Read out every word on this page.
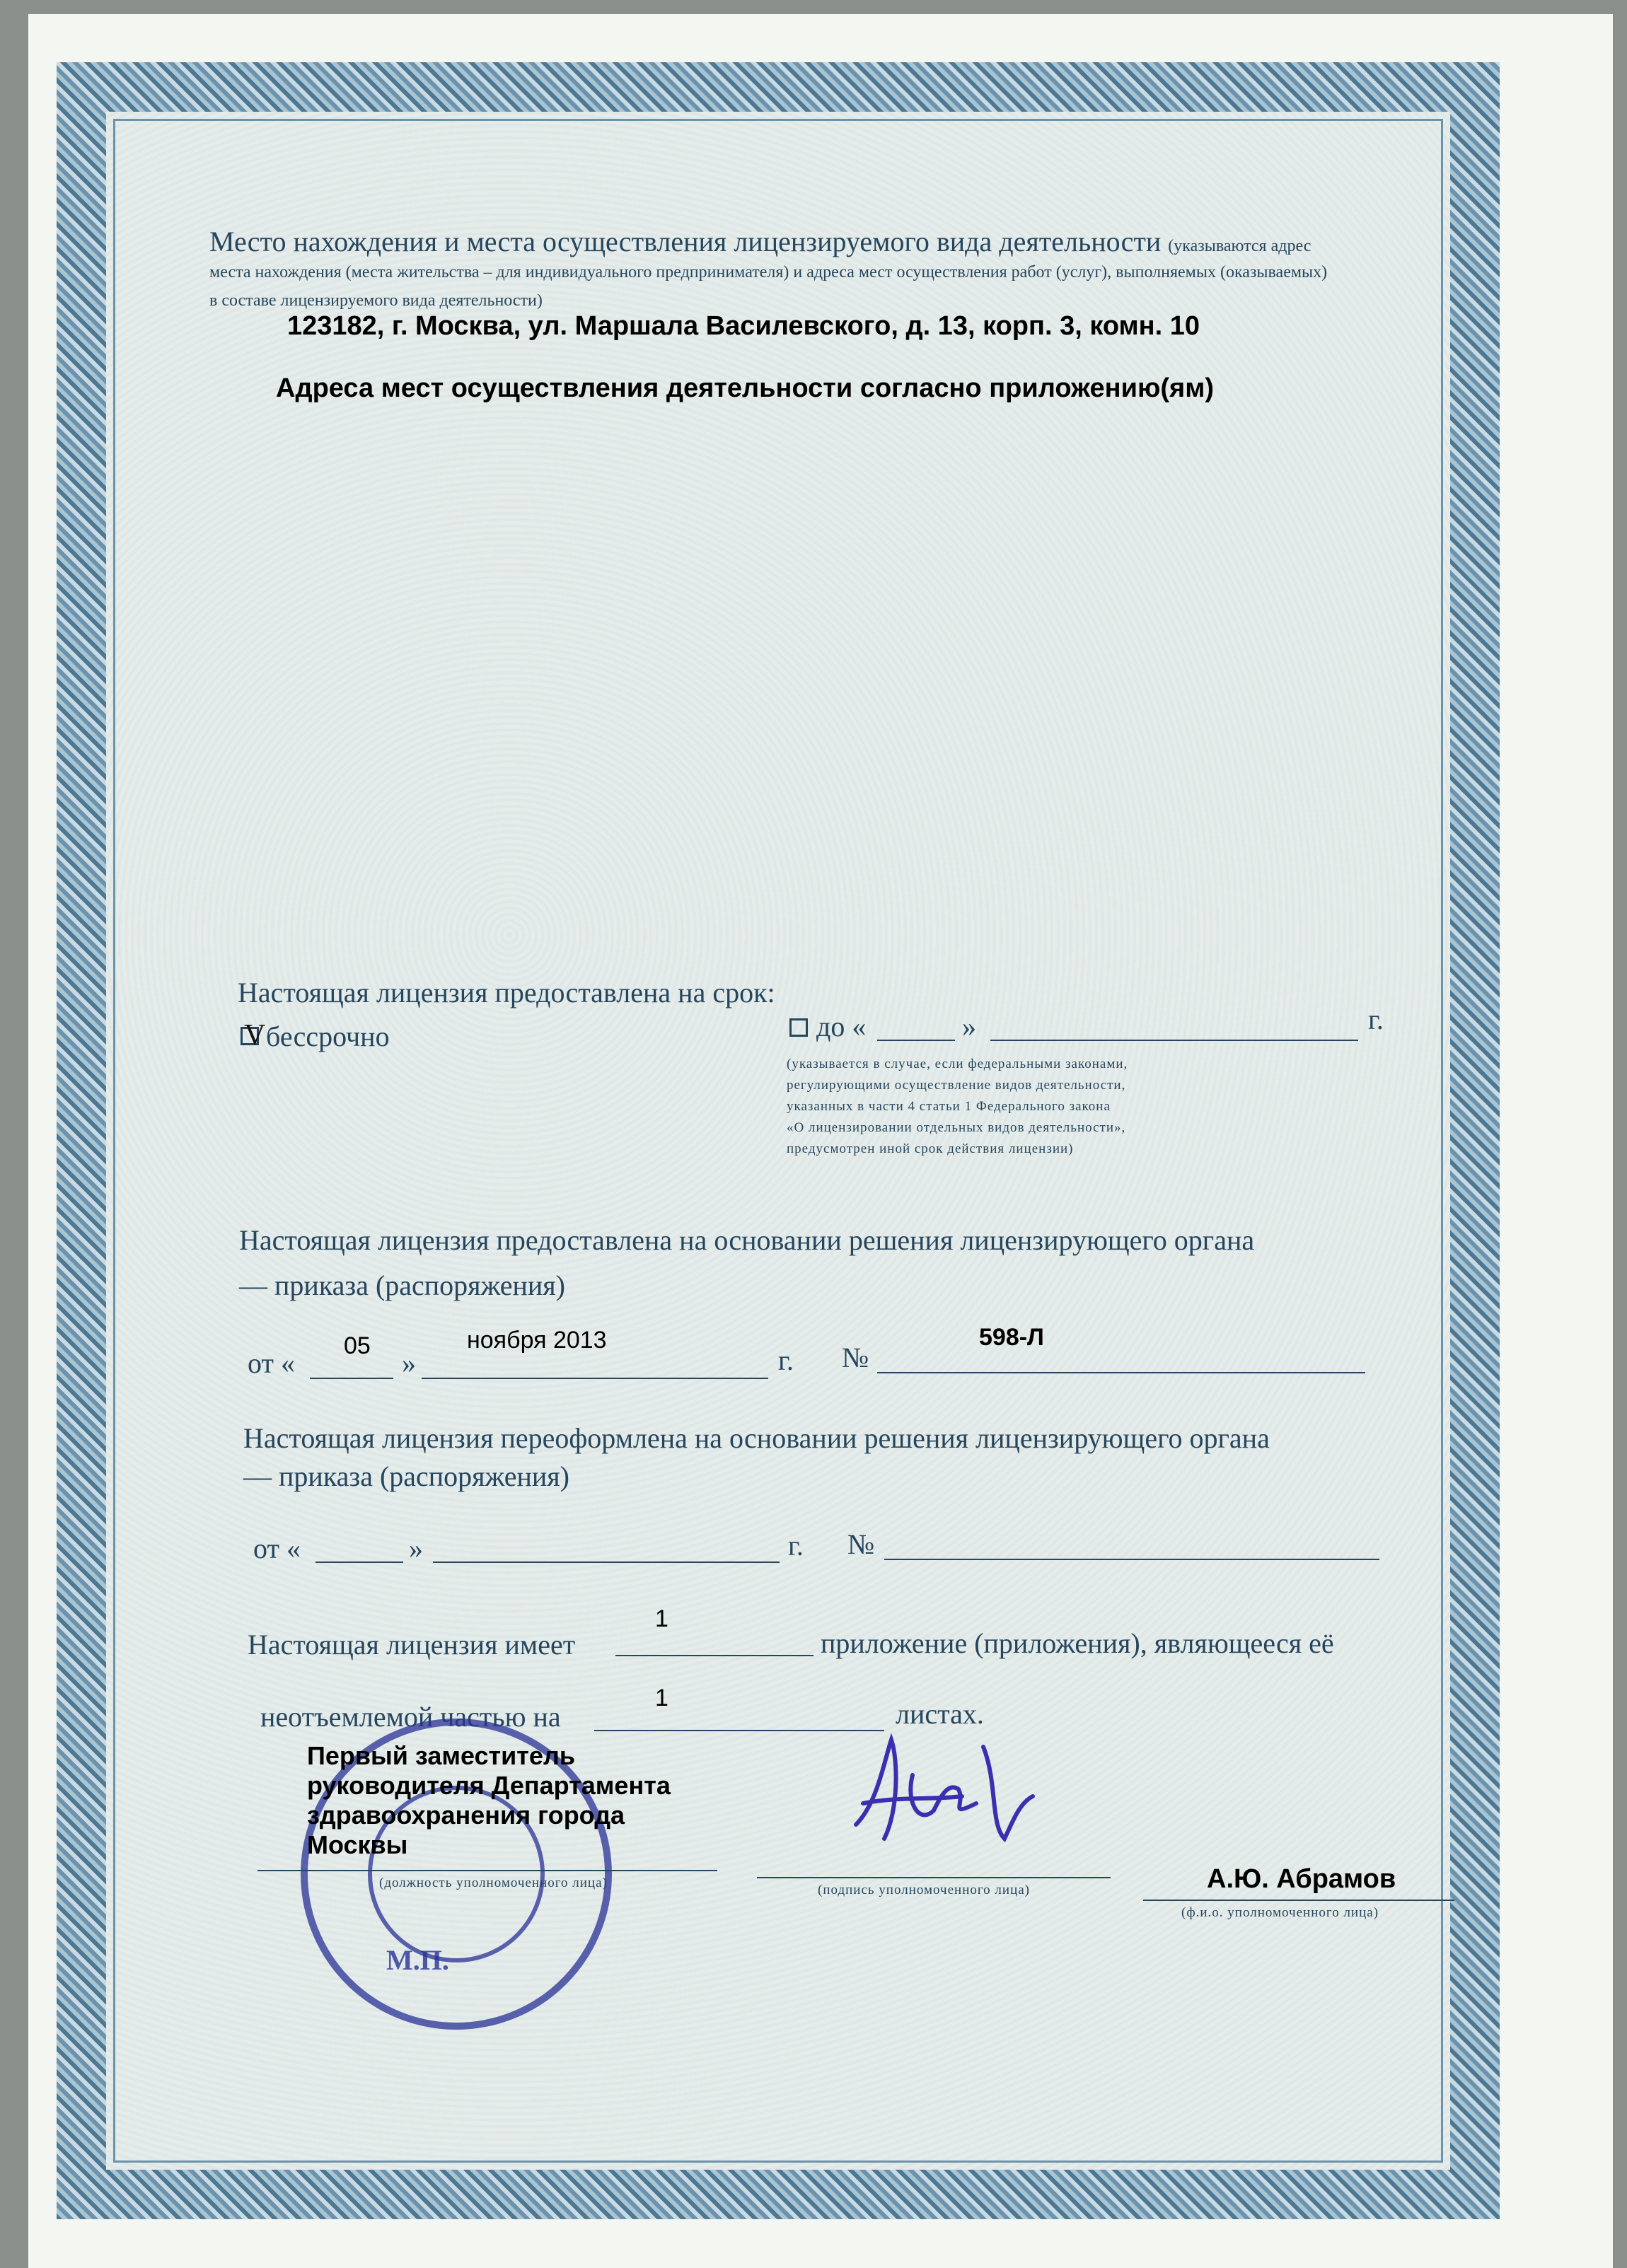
Место нахождения и места осуществления лицензируемого вида деятельности (указываются адрес
места нахождения (места жительства – для индивидуального предпринимателя) и адреса мест осуществления работ (услуг), выполняемых (оказываемых)
в составе лицензируемого вида деятельности)
123182, г. Москва, ул. Маршала Василевского, д. 13, корп. 3, комн. 10
Адреса мест осуществления деятельности согласно приложению(ям)
Настоящая лицензия предоставлена на срок:
V бессрочно	до «	»	г.
(указывается в случае, если федеральными законами,
регулирующими осуществление видов деятельности,
указанных в части 4 статьи 1 Федерального закона
«О лицензировании отдельных видов деятельности»,
предусмотрен иной срок действия лицензии)
Настоящая лицензия предоставлена на основании решения лицензирующего органа
— приказа (распоряжения)
от «
05
»
ноября 2013
г. №
598-Л
Настоящая лицензия переоформлена на основании решения лицензирующего органа
— приказа (распоряжения)
от «	»	г. №
Настоящая лицензия имеет
1
приложение (приложения), являющееся её
неотъемлемой частью на
1	листах.
М.П.
Первый заместитель
руководителя Департамента
здравоохранения города
Москвы
(должность уполномоченного лица)	(подпись уполномоченного лица)	А.Ю. Абрамов
(ф.и.о. уполномоченного лица)
